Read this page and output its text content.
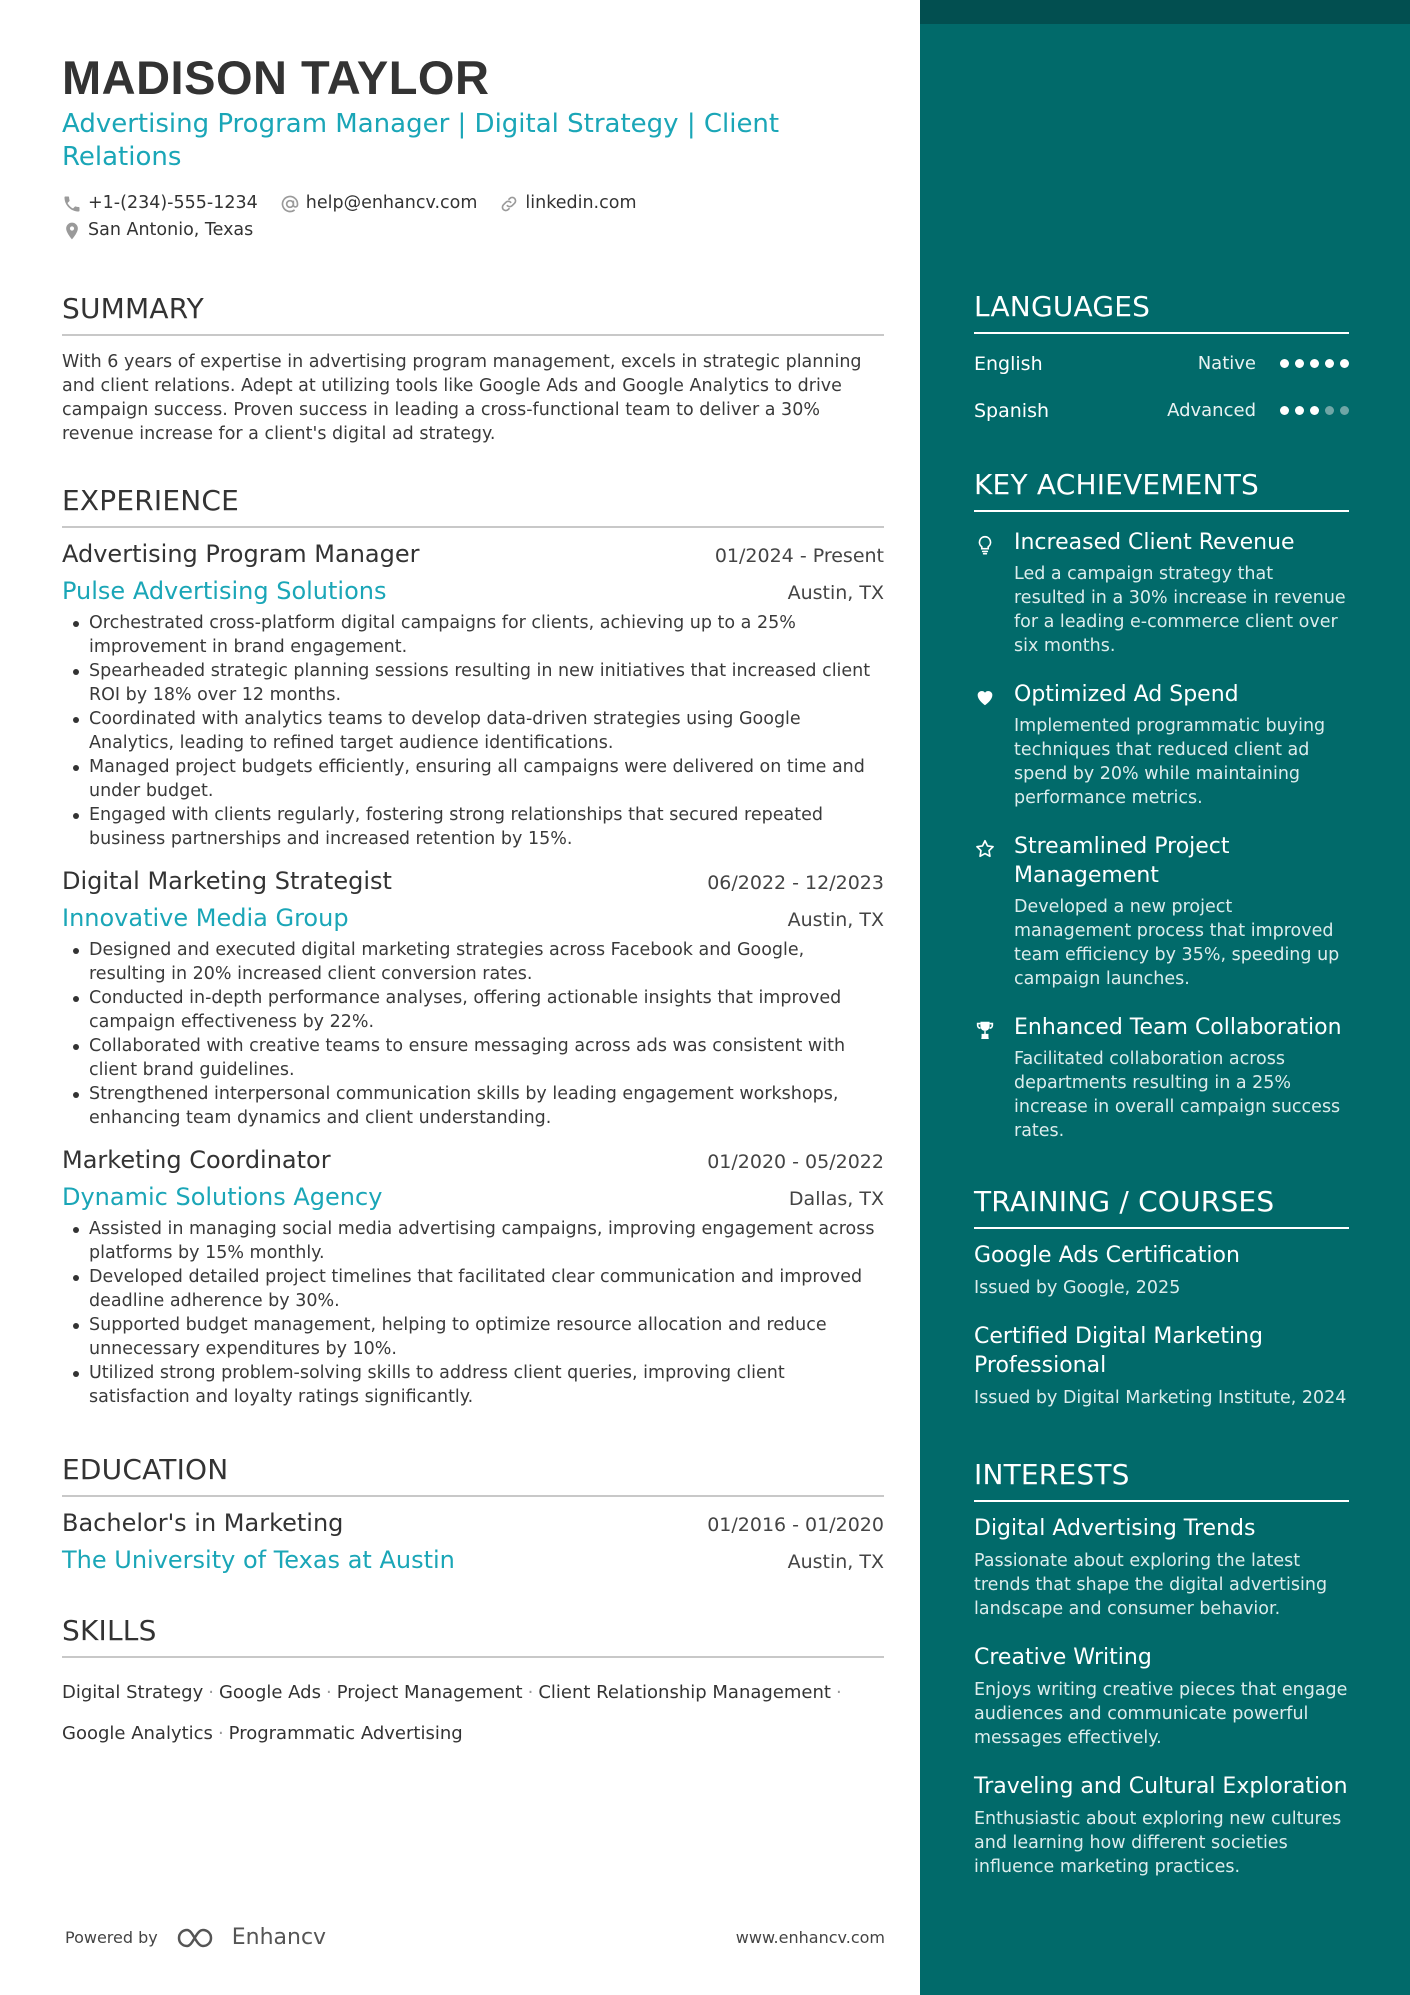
MADISON TAYLOR
Advertising Program Manager | Digital Strategy | Client Relations
+1-(234)-555-1234	help@enhancv.com	linkedin.com
San Antonio, Texas
SUMMARY
With 6 years of expertise in advertising program management, excels in strategic planning and client relations. Adept at utilizing tools like Google Ads and Google Analytics to drive campaign success. Proven success in leading a cross-functional team to deliver a 30% revenue increase for a client's digital ad strategy.
EXPERIENCE
Advertising Program Manager	01/2024 - Present
Pulse Advertising Solutions	Austin, TX
Orchestrated cross-platform digital campaigns for clients, achieving up to a 25% improvement in brand engagement.
Spearheaded strategic planning sessions resulting in new initiatives that increased client ROI by 18% over 12 months.
Coordinated with analytics teams to develop data-driven strategies using Google Analytics, leading to refined target audience identifications.
Managed project budgets efficiently, ensuring all campaigns were delivered on time and under budget.
Engaged with clients regularly, fostering strong relationships that secured repeated business partnerships and increased retention by 15%.
Digital Marketing Strategist	06/2022 - 12/2023
Innovative Media Group	Austin, TX
Designed and executed digital marketing strategies across Facebook and Google, resulting in 20% increased client conversion rates.
Conducted in-depth performance analyses, offering actionable insights that improved campaign effectiveness by 22%.
Collaborated with creative teams to ensure messaging across ads was consistent with client brand guidelines.
Strengthened interpersonal communication skills by leading engagement workshops, enhancing team dynamics and client understanding.
Marketing Coordinator	01/2020 - 05/2022
Dynamic Solutions Agency	Dallas, TX
Assisted in managing social media advertising campaigns, improving engagement across platforms by 15% monthly.
Developed detailed project timelines that facilitated clear communication and improved deadline adherence by 30%.
Supported budget management, helping to optimize resource allocation and reduce unnecessary expenditures by 10%.
Utilized strong problem-solving skills to address client queries, improving client satisfaction and loyalty ratings significantly.
EDUCATION
Bachelor's in Marketing	01/2016 - 01/2020
The University of Texas at Austin	Austin, TX
SKILLS
Digital Strategy · Google Ads · Project Management · Client Relationship Management ·
Google Analytics · Programmatic Advertising
Powered by	Enhancv	www.enhancv.com
LANGUAGES
English	Native
Spanish	Advanced
KEY ACHIEVEMENTS
Increased Client Revenue
Led a campaign strategy that resulted in a 30% increase in revenue for a leading e-commerce client over six months.
Optimized Ad Spend
Implemented programmatic buying techniques that reduced client ad spend by 20% while maintaining performance metrics.
Streamlined Project Management
Developed a new project management process that improved team efficiency by 35%, speeding up campaign launches.
Enhanced Team Collaboration
Facilitated collaboration across departments resulting in a 25% increase in overall campaign success rates.
TRAINING / COURSES
Google Ads Certification
Issued by Google, 2025
Certified Digital Marketing Professional
Issued by Digital Marketing Institute, 2024
INTERESTS
Digital Advertising Trends
Passionate about exploring the latest trends that shape the digital advertising landscape and consumer behavior.
Creative Writing
Enjoys writing creative pieces that engage audiences and communicate powerful messages effectively.
Traveling and Cultural Exploration
Enthusiastic about exploring new cultures and learning how different societies influence marketing practices.
